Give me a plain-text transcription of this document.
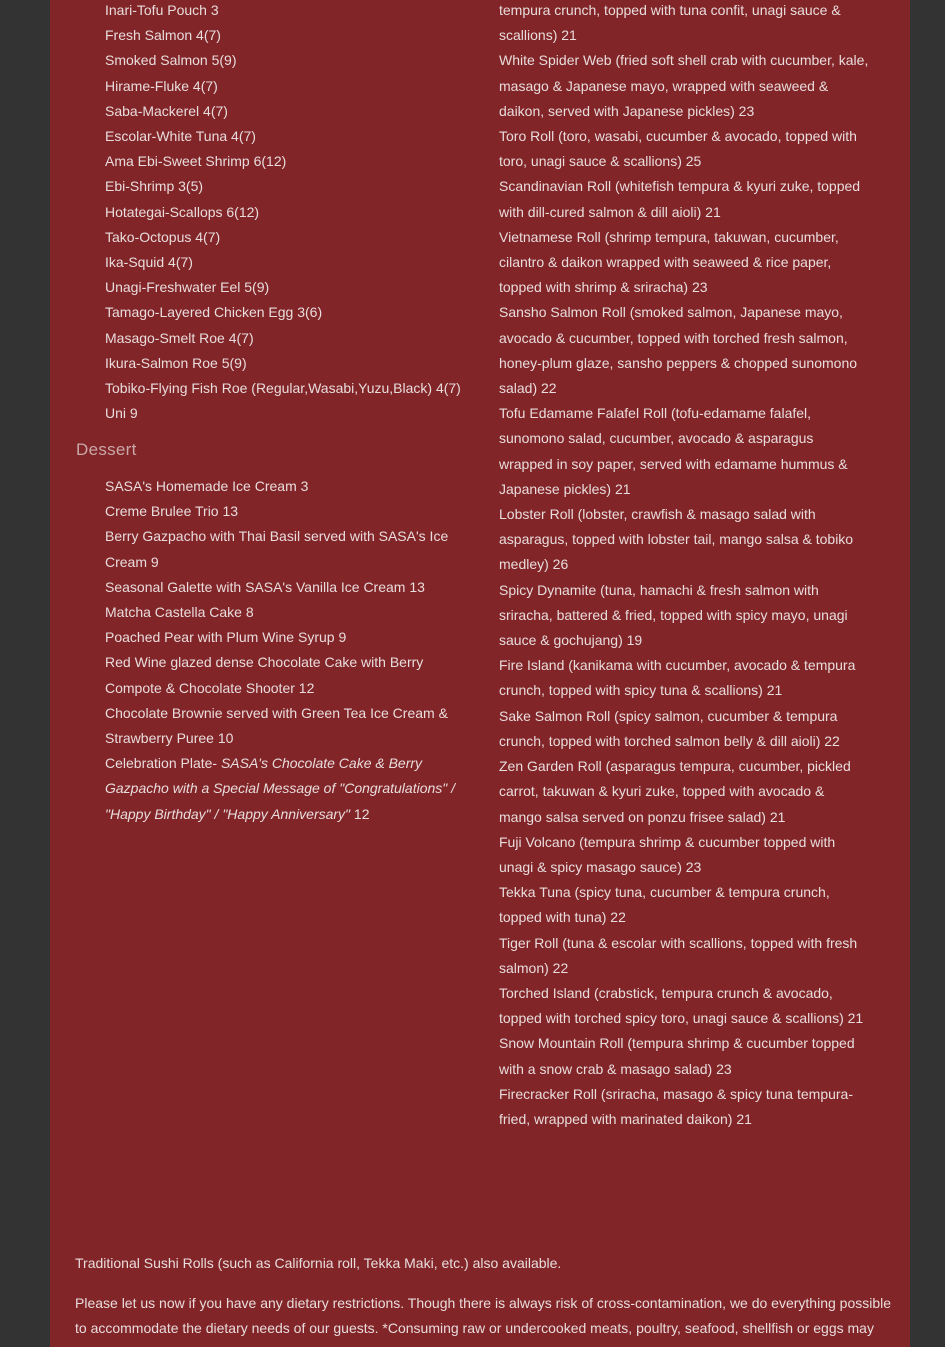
Inari-Tofu Pouch 3
Fresh Salmon 4(7)
Smoked Salmon 5(9)
Hirame-Fluke 4(7)
Saba-Mackerel 4(7)
Escolar-White Tuna 4(7)
Ama Ebi-Sweet Shrimp 6(12)
Ebi-Shrimp 3(5)
Hotategai-Scallops 6(12)
Tako-Octopus 4(7)
Ika-Squid 4(7)
Unagi-Freshwater Eel 5(9)
Tamago-Layered Chicken Egg 3(6)
Masago-Smelt Roe 4(7)
Ikura-Salmon Roe 5(9)
Tobiko-Flying Fish Roe (Regular,Wasabi,Yuzu,Black) 4(7)
Uni 9
Dessert
SASA's Homemade Ice Cream 3
Creme Brulee Trio 13
Berry Gazpacho with Thai Basil served with SASA's Ice Cream 9
Seasonal Galette with SASA's Vanilla Ice Cream 13
Matcha Castella Cake 8
Poached Pear with Plum Wine Syrup 9
Red Wine glazed dense Chocolate Cake with Berry Compote & Chocolate Shooter 12
Chocolate Brownie served with Green Tea Ice Cream & Strawberry Puree 10
Celebration Plate- SASA's Chocolate Cake & Berry Gazpacho with a Special Message of "Congratulations" / "Happy Birthday" / "Happy Anniversary" 12
tempura crunch, topped with tuna confit, unagi sauce & scallions) 21
White Spider Web (fried soft shell crab with cucumber, kale, masago & Japanese mayo, wrapped with seaweed & daikon, served with Japanese pickles) 23
Toro Roll (toro, wasabi, cucumber & avocado, topped with toro, unagi sauce & scallions) 25
Scandinavian Roll (whitefish tempura & kyuri zuke, topped with dill-cured salmon & dill aioli) 21
Vietnamese Roll (shrimp tempura, takuwan, cucumber, cilantro & daikon wrapped with seaweed & rice paper, topped with shrimp & sriracha) 23
Sansho Salmon Roll (smoked salmon, Japanese mayo, avocado & cucumber, topped with torched fresh salmon, honey-plum glaze, sansho peppers & chopped sunomono salad) 22
Tofu Edamame Falafel Roll (tofu-edamame falafel, sunomono salad, cucumber, avocado & asparagus wrapped in soy paper, served with edamame hummus & Japanese pickles) 21
Lobster Roll (lobster, crawfish & masago salad with asparagus, topped with lobster tail, mango salsa & tobiko medley) 26
Spicy Dynamite (tuna, hamachi & fresh salmon with sriracha, battered & fried, topped with spicy mayo, unagi sauce & gochujang) 19
Fire Island (kanikama with cucumber, avocado & tempura crunch, topped with spicy tuna & scallions) 21
Sake Salmon Roll (spicy salmon, cucumber & tempura crunch, topped with torched salmon belly & dill aioli) 22
Zen Garden Roll (asparagus tempura, cucumber, pickled carrot, takuwan & kyuri zuke, topped with avocado & mango salsa served on ponzu frisee salad) 21
Fuji Volcano (tempura shrimp & cucumber topped with unagi & spicy masago sauce) 23
Tekka Tuna (spicy tuna, cucumber & tempura crunch, topped with tuna) 22
Tiger Roll (tuna & escolar with scallions, topped with fresh salmon) 22
Torched Island (crabstick, tempura crunch & avocado, topped with torched spicy toro, unagi sauce & scallions) 21
Snow Mountain Roll (tempura shrimp & cucumber topped with a snow crab & masago salad) 23
Firecracker Roll (sriracha, masago & spicy tuna tempura-fried, wrapped with marinated daikon) 21

Traditional Sushi Rolls (such as California roll, Tekka Maki, etc.) also available.

Please let us now if you have any dietary restrictions. Though there is always risk of cross-contamination, we do everything possible to accommodate the dietary needs of our guests. *Consuming raw or undercooked meats, poultry, seafood, shellfish or eggs may
